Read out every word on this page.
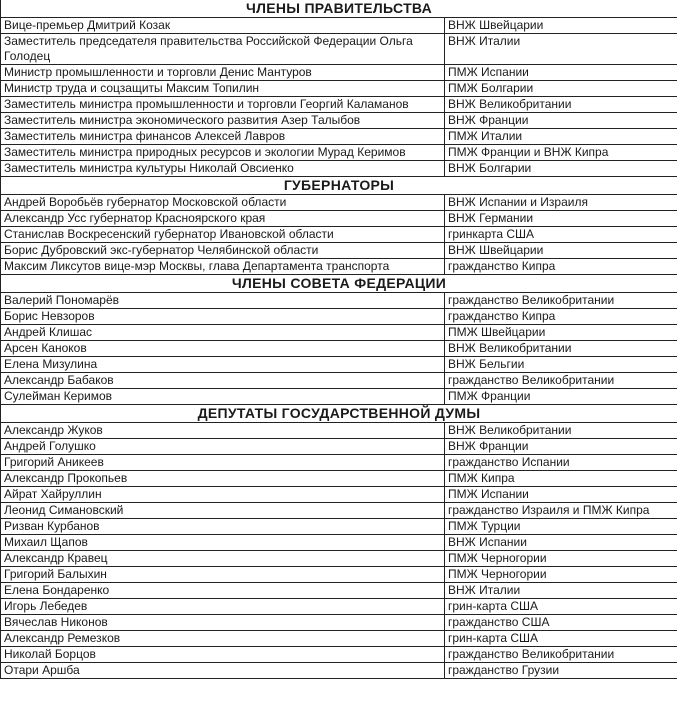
ЧЛЕНЫ ПРАВИТЕЛЬСТВА	
Вице-премьер Дмитрий Козак	ВНЖ Швейцарии
Заместитель председателя правительства Российской Федерации Ольга Голодец	ВНЖ Италии
Министр промышленности и торговли Денис Мантуров	ПМЖ Испании
Министр труда и соцзащиты Максим Топилин	ПМЖ Болгарии
Заместитель министра промышленности и торговли Георгий Каламанов	ВНЖ Великобритании
Заместитель министра экономического развития Азер Талыбов	ВНЖ Франции
Заместитель министра финансов Алексей Лавров	ПМЖ Италии
Заместитель министра природных ресурсов и экологии Мурад Керимов	ПМЖ Франции и ВНЖ Кипра
Заместитель министра культуры Николай Овсиенко	ВНЖ Болгарии
ГУБЕРНАТОРЫ	
Андрей Воробьёв губернатор Московской области	ВНЖ Испании и Израиля
Александр Усс губернатор Красноярского края	ВНЖ Германии
Станислав Воскресенский губернатор Ивановской области	гринкарта США
Борис Дубровский экс-губернатор Челябинской области	ВНЖ Швейцарии
Максим Ликсутов вице-мэр Москвы, глава Департамента транспорта	гражданство Кипра
ЧЛЕНЫ СОВЕТА ФЕДЕРАЦИИ	
Валерий Пономарёв	гражданство Великобритании
Борис Невзоров	гражданство Кипра
Андрей Клишас	ПМЖ Швейцарии
Арсен Каноков	ВНЖ Великобритании
Елена Мизулина	ВНЖ Бельгии
Александр Бабаков	гражданство Великобритании
Сулейман Керимов	ПМЖ Франции
ДЕПУТАТЫ ГОСУДАРСТВЕННОЙ ДУМЫ	
Александр Жуков	ВНЖ Великобритании
Андрей Голушко	ВНЖ Франции
Григорий Аникеев	гражданство Испании
Александр Прокопьев	ПМЖ Кипра
Айрат Хайруллин	ПМЖ Испании
Леонид Симановский	гражданство Израиля и ПМЖ Кипра
Ризван Курбанов	ПМЖ Турции
Михаил Щапов	ВНЖ Испании
Александр Кравец	ПМЖ Черногории
Григорий Балыхин	ПМЖ Черногории
Елена Бондаренко	ВНЖ Италии
Игорь Лебедев	грин-карта США
Вячеслав Никонов	гражданство США
Александр Ремезков	грин-карта США
Николай Борцов	гражданство Великобритании
Отари Аршба	гражданство Грузии
